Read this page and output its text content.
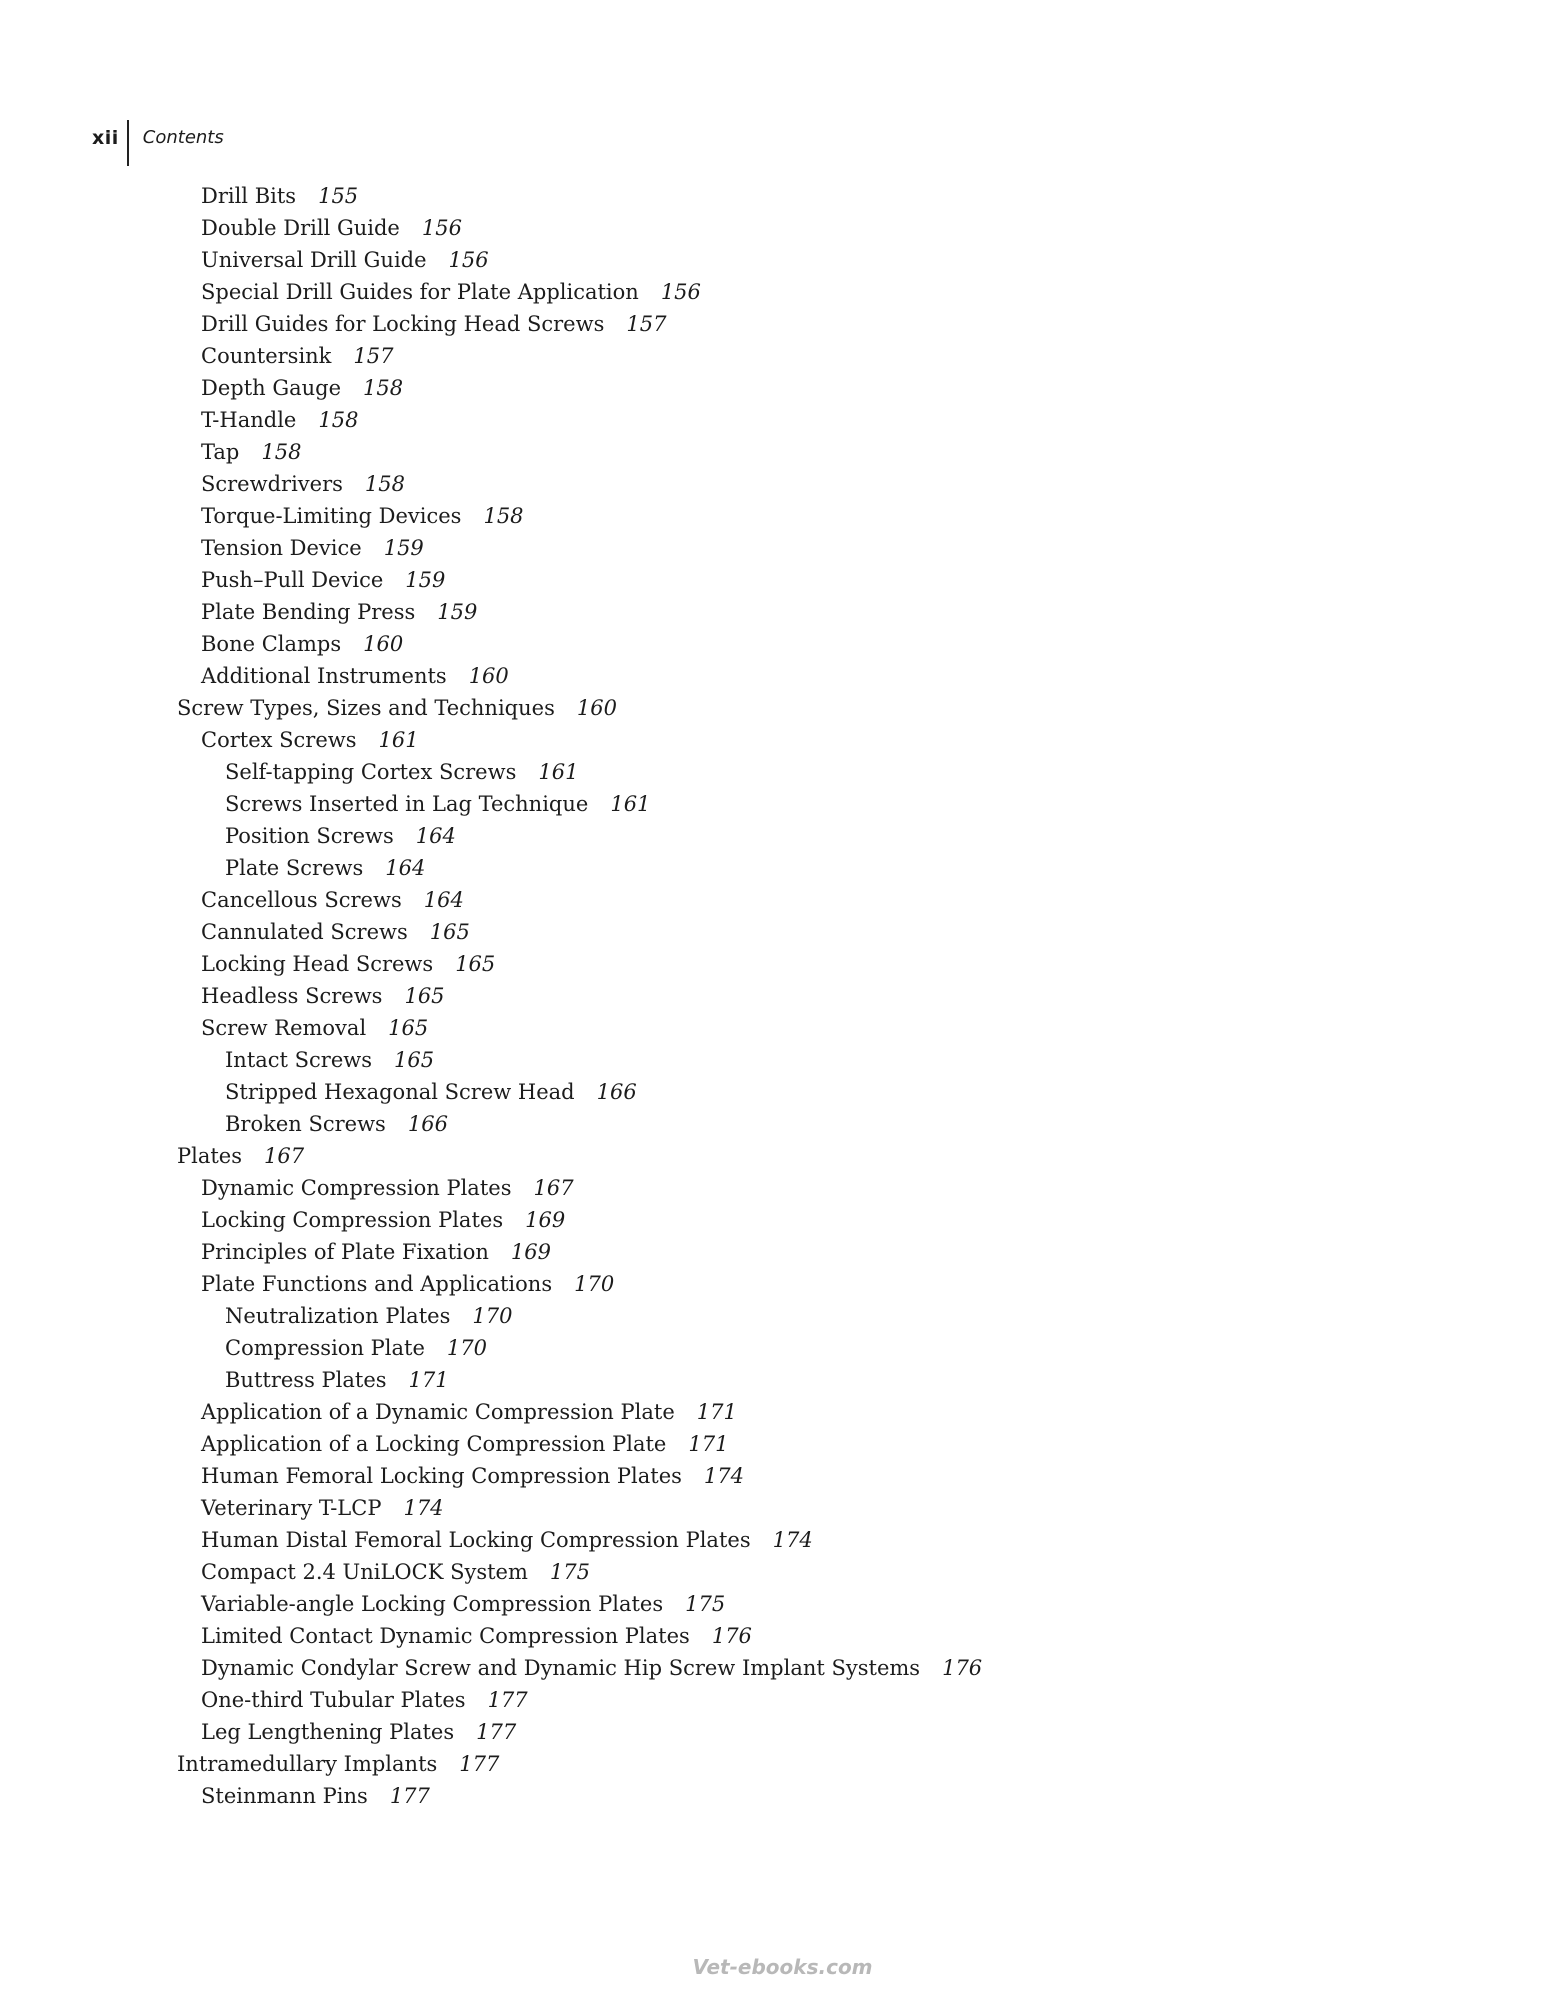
xii	Contents
Drill Bits 155
Double Drill Guide 156
Universal Drill Guide 156
Special Drill Guides for Plate Application 156
Drill Guides for Locking Head Screws 157
Countersink 157
Depth Gauge 158
T-Handle 158
Tap 158
Screwdrivers 158
Torque-Limiting Devices 158
Tension Device 159
Push–Pull Device 159
Plate Bending Press 159
Bone Clamps 160
Additional Instruments 160
Screw Types, Sizes and Techniques 160
Cortex Screws 161
Self-tapping Cortex Screws 161
Screws Inserted in Lag Technique 161
Position Screws 164
Plate Screws 164
Cancellous Screws 164
Cannulated Screws 165
Locking Head Screws 165
Headless Screws 165
Screw Removal 165
Intact Screws 165
Stripped Hexagonal Screw Head 166
Broken Screws 166
Plates 167
Dynamic Compression Plates 167
Locking Compression Plates 169
Principles of Plate Fixation 169
Plate Functions and Applications 170
Neutralization Plates 170
Compression Plate 170
Buttress Plates 171
Application of a Dynamic Compression Plate 171
Application of a Locking Compression Plate 171
Human Femoral Locking Compression Plates 174
Veterinary T-LCP 174
Human Distal Femoral Locking Compression Plates 174
Compact 2.4 UniLOCK System 175
Variable-angle Locking Compression Plates 175
Limited Contact Dynamic Compression Plates 176
Dynamic Condylar Screw and Dynamic Hip Screw Implant Systems 176
One-third Tubular Plates 177
Leg Lengthening Plates 177
Intramedullary Implants 177
Steinmann Pins 177
Vet-ebooks.com
